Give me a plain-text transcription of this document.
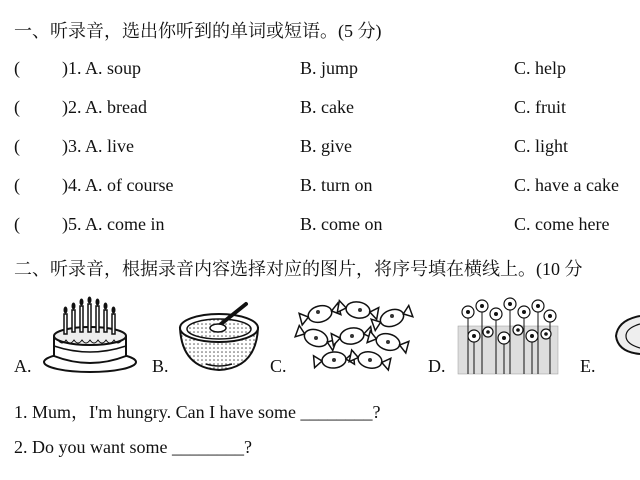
一、听录音，选出你听到的单词或短语。(5 分)
( )1. A. soup	B. jump	C. help
( )2. A. bread	B. cake	C. fruit
( )3. A. live	B. give	C. light
( )4. A. of course	B. turn on	C. have a cake
( )5. A. come in	B. come on	C. come here
二、听录音，根据录音内容选择对应的图片，将序号填在横线上。(10 分
A.	B.	C.	D.	E.
1. Mum，I'm hungry. Can I have some ________?
2. Do you want some ________?
